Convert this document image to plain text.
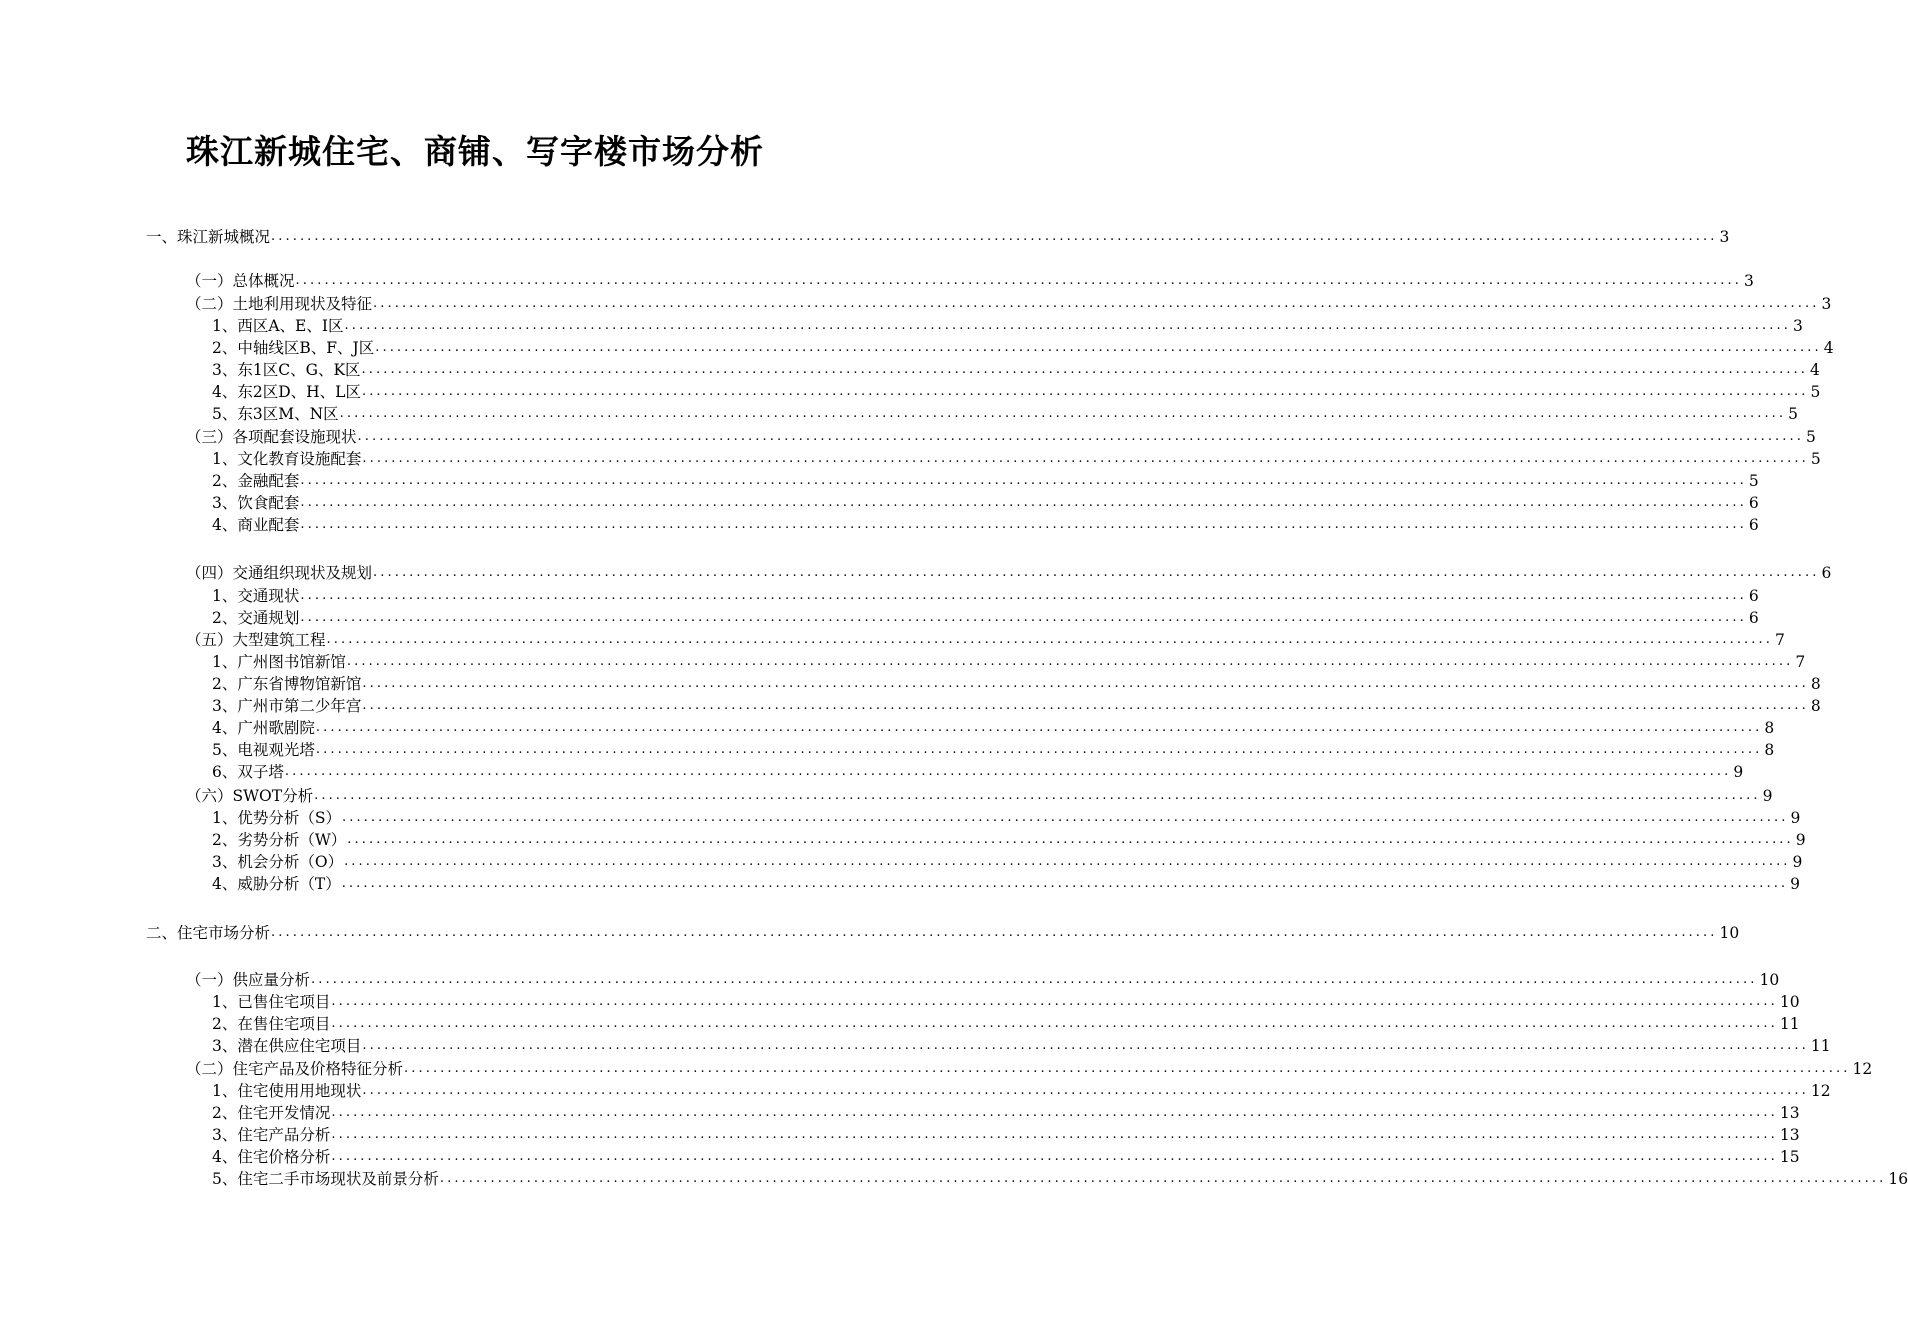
珠江新城住宅、商铺、写字楼市场分析
一、珠江新城概况 ........................................................................................................................................................................................................ 3
（一）总体概况 ........................................................................................................................................................................................................ 3
（二）土地利用现状及特征 ........................................................................................................................................................................................................ 3
1、西区A、E、I区 ........................................................................................................................................................................................................ 3
2、中轴线区B、F、J区 ........................................................................................................................................................................................................ 4
3、东1区C、G、K区 ........................................................................................................................................................................................................ 4
4、东2区D、H、L区 ........................................................................................................................................................................................................ 5
5、东3区M、N区 ........................................................................................................................................................................................................ 5
（三）各项配套设施现状 ........................................................................................................................................................................................................ 5
1、文化教育设施配套 ........................................................................................................................................................................................................ 5
2、金融配套 ........................................................................................................................................................................................................ 5
3、饮食配套 ........................................................................................................................................................................................................ 6
4、商业配套 ........................................................................................................................................................................................................ 6
（四）交通组织现状及规划 ........................................................................................................................................................................................................ 6
1、交通现状 ........................................................................................................................................................................................................ 6
2、交通规划 ........................................................................................................................................................................................................ 6
（五）大型建筑工程 ........................................................................................................................................................................................................ 7
1、广州图书馆新馆 ........................................................................................................................................................................................................ 7
2、广东省博物馆新馆 ........................................................................................................................................................................................................ 8
3、广州市第二少年宫 ........................................................................................................................................................................................................ 8
4、广州歌剧院 ........................................................................................................................................................................................................ 8
5、电视观光塔 ........................................................................................................................................................................................................ 8
6、双子塔 ........................................................................................................................................................................................................ 9
（六）SWOT分析 ........................................................................................................................................................................................................ 9
1、优势分析（S） ........................................................................................................................................................................................................ 9
2、劣势分析（W） ........................................................................................................................................................................................................ 9
3、机会分析（O） ........................................................................................................................................................................................................ 9
4、威胁分析（T） ........................................................................................................................................................................................................ 9
二、住宅市场分析 ........................................................................................................................................................................................................ 10
（一）供应量分析 ........................................................................................................................................................................................................ 10
1、已售住宅项目 ........................................................................................................................................................................................................ 10
2、在售住宅项目 ........................................................................................................................................................................................................ 11
3、潜在供应住宅项目 ........................................................................................................................................................................................................ 11
（二）住宅产品及价格特征分析 ........................................................................................................................................................................................................ 12
1、住宅使用用地现状 ........................................................................................................................................................................................................ 12
2、住宅开发情况 ........................................................................................................................................................................................................ 13
3、住宅产品分析 ........................................................................................................................................................................................................ 13
4、住宅价格分析 ........................................................................................................................................................................................................ 15
5、住宅二手市场现状及前景分析 ........................................................................................................................................................................................................ 16
